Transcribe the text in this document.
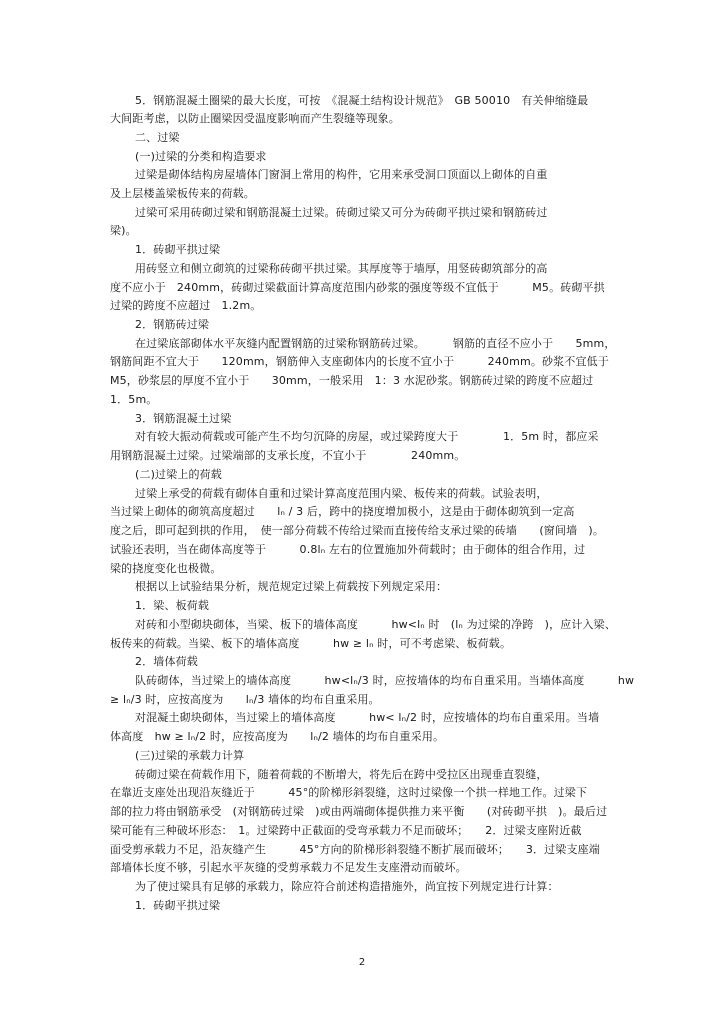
5．钢筋混凝土圈梁的最大长度，可按　《混凝土结构设计规范》　GB 50010　有关伸缩缝最
大间距考虑，以防止圈梁因受温度影响而产生裂缝等现象。
二、过梁
(一)过梁的分类和构造要求
过梁是砌体结构房屋墙体门窗洞上常用的构件，它用来承受洞口顶面以上砌体的自重
及上层楼盖梁板传来的荷载。
过梁可采用砖砌过梁和钢筋混凝土过梁。砖砌过梁又可分为砖砌平拱过梁和钢筋砖过
梁)。
1．砖砌平拱过梁
用砖竖立和侧立砌筑的过梁称砖砌平拱过梁。其厚度等于墙厚，用竖砖砌筑部分的高
度不应小于　240mm，砖砌过梁截面计算高度范围内砂浆的强度等级不宜低于　　　M5。砖砌平拱
过梁的跨度不应超过　1.2m。
2．钢筋砖过梁
在过梁底部砌体水平灰缝内配置钢筋的过梁称钢筋砖过梁。　　　钢筋的直径不应小于　　5mm，
钢筋间距不宜大于　　120mm，钢筋伸入支座砌体内的长度不宜小于　　　240mm。砂浆不宜低于
M5，砂浆层的厚度不宜小于　　30mm，一般采用　1：3 水泥砂浆。钢筋砖过梁的跨度不应超过
1．5m。
3．钢筋混凝土过梁
对有较大振动荷载或可能产生不均匀沉降的房屋，或过梁跨度大于　　　　1．5m 时，都应采
用钢筋混凝土过梁。过梁端部的支承长度，不宜小于　　　　240mm。
(二)过梁上的荷载
过梁上承受的荷载有砌体自重和过梁计算高度范围内梁、板传来的荷载。试验表明，
当过梁上砌体的砌筑高度超过　　lₙ / 3 后，跨中的挠度增加极小，这是由于砌体砌筑到一定高
度之后，即可起到拱的作用，　使一部分荷载不传给过梁而直接传给支承过梁的砖墙　　(窗间墙　)。
试验还表明，当在砌体高度等于　　　0.8lₙ 左右的位置施加外荷载时；由于砌体的组合作用，过
梁的挠度变化也极微。
根据以上试验结果分析，规范规定过梁上荷载按下列规定采用：
1．梁、板荷载
对砖和小型砌块砌体，当梁、板下的墙体高度　　　hw<lₙ 时　(lₙ 为过梁的净跨　)，应计入梁、
板传来的荷载。当梁、板下的墙体高度　　　hw ≥ lₙ 时，可不考虑梁、板荷载。
2．墙体荷载
队砖砌体，当过梁上的墙体高度　　　hw<lₙ/3 时，应按墙体的均布自重采用。当墙体高度　　　hw
≥ lₙ/3 时，应按高度为　　lₙ/3 墙体的均布自重采用。
对混凝土砌块砌体，当过梁上的墙体高度　　　hw< lₙ/2 时，应按墙体的均布自重采用。当墙
体高度　hw ≥ lₙ/2 时，应按高度为　　lₙ/2 墙体的均布自重采用。
(三)过梁的承载力计算
砖砌过梁在荷载作用下，随着荷载的不断增大，将先后在跨中受拉区出现垂直裂缝，
在靠近支座处出现沿灰缝近于　　　45°的阶梯形斜裂缝，这时过梁像一个拱一样地工作。过梁下
部的拉力将由钢筋承受　(对钢筋砖过梁　)或由两端砌体提供推力来平衡　　(对砖砌平拱　)。最后过
梁可能有三种破坏形态：　1。过梁跨中正截面的受弯承载力不足而破坏；　　2．过梁支座附近截
面受剪承载力不足，沿灰缝产生　　　45°方向的阶梯形斜裂缝不断扩展而破坏；　　3．过梁支座端
部墙体长度不够，引起水平灰缝的受剪承载力不足发生支座滑动而破坏。
为了使过梁具有足够的承载力，除应符合前述构造措施外，尚宜按下列规定进行计算：
1．砖砌平拱过梁
2
